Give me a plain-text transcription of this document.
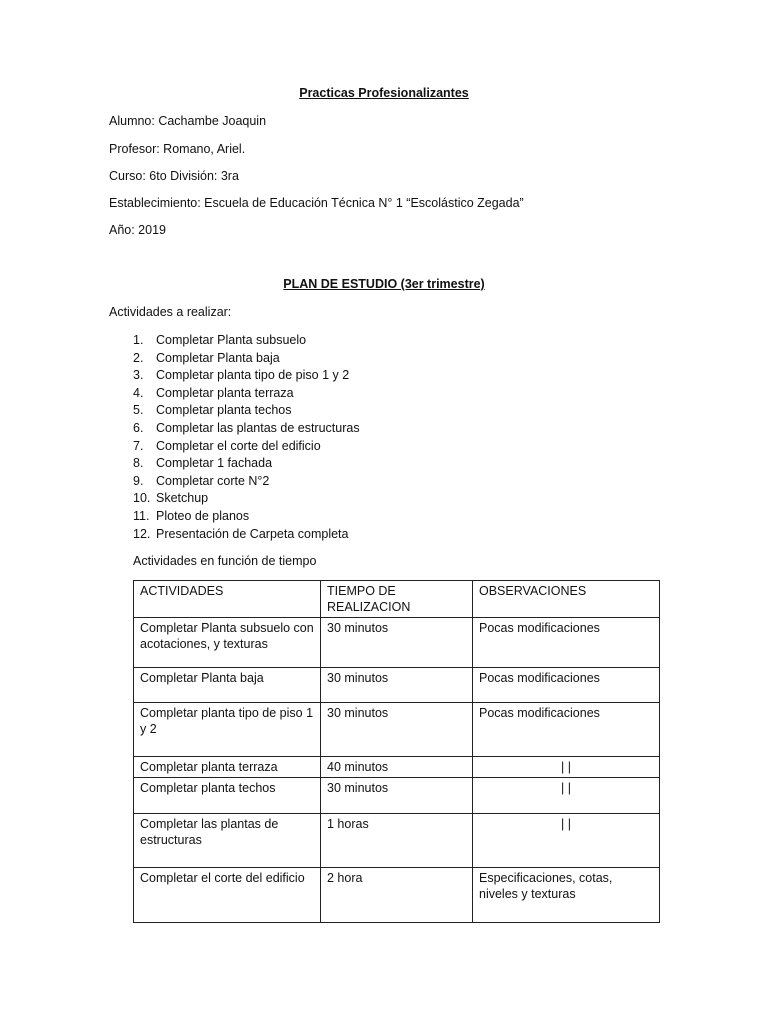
Practicas Profesionalizantes
Alumno: Cachambe Joaquin
Profesor: Romano, Ariel.
Curso: 6to División: 3ra
Establecimiento: Escuela de Educación Técnica N° 1 “Escolástico Zegada”
Año: 2019
PLAN DE ESTUDIO (3er trimestre)
Actividades a realizar:
1. Completar Planta subsuelo
2. Completar Planta baja
3. Completar planta tipo de piso 1 y 2
4. Completar planta terraza
5. Completar planta techos
6. Completar las plantas de estructuras
7. Completar el corte del edificio
8. Completar 1 fachada
9. Completar corte N°2
10. Sketchup
11. Ploteo de planos
12. Presentación de Carpeta completa
Actividades en función de tiempo
ACTIVIDADES	TIEMPO DE REALIZACION	OBSERVACIONES
Completar Planta subsuelo con acotaciones, y texturas	30 minutos	Pocas modificaciones
Completar Planta baja	30 minutos	Pocas modificaciones
Completar planta tipo de piso 1 y 2	30 minutos	Pocas modificaciones
Completar planta terraza	40 minutos	| |
Completar planta techos	30 minutos	| |
Completar las plantas de estructuras	1 horas	| |
Completar el corte del edificio	2 hora	Especificaciones, cotas, niveles y texturas
